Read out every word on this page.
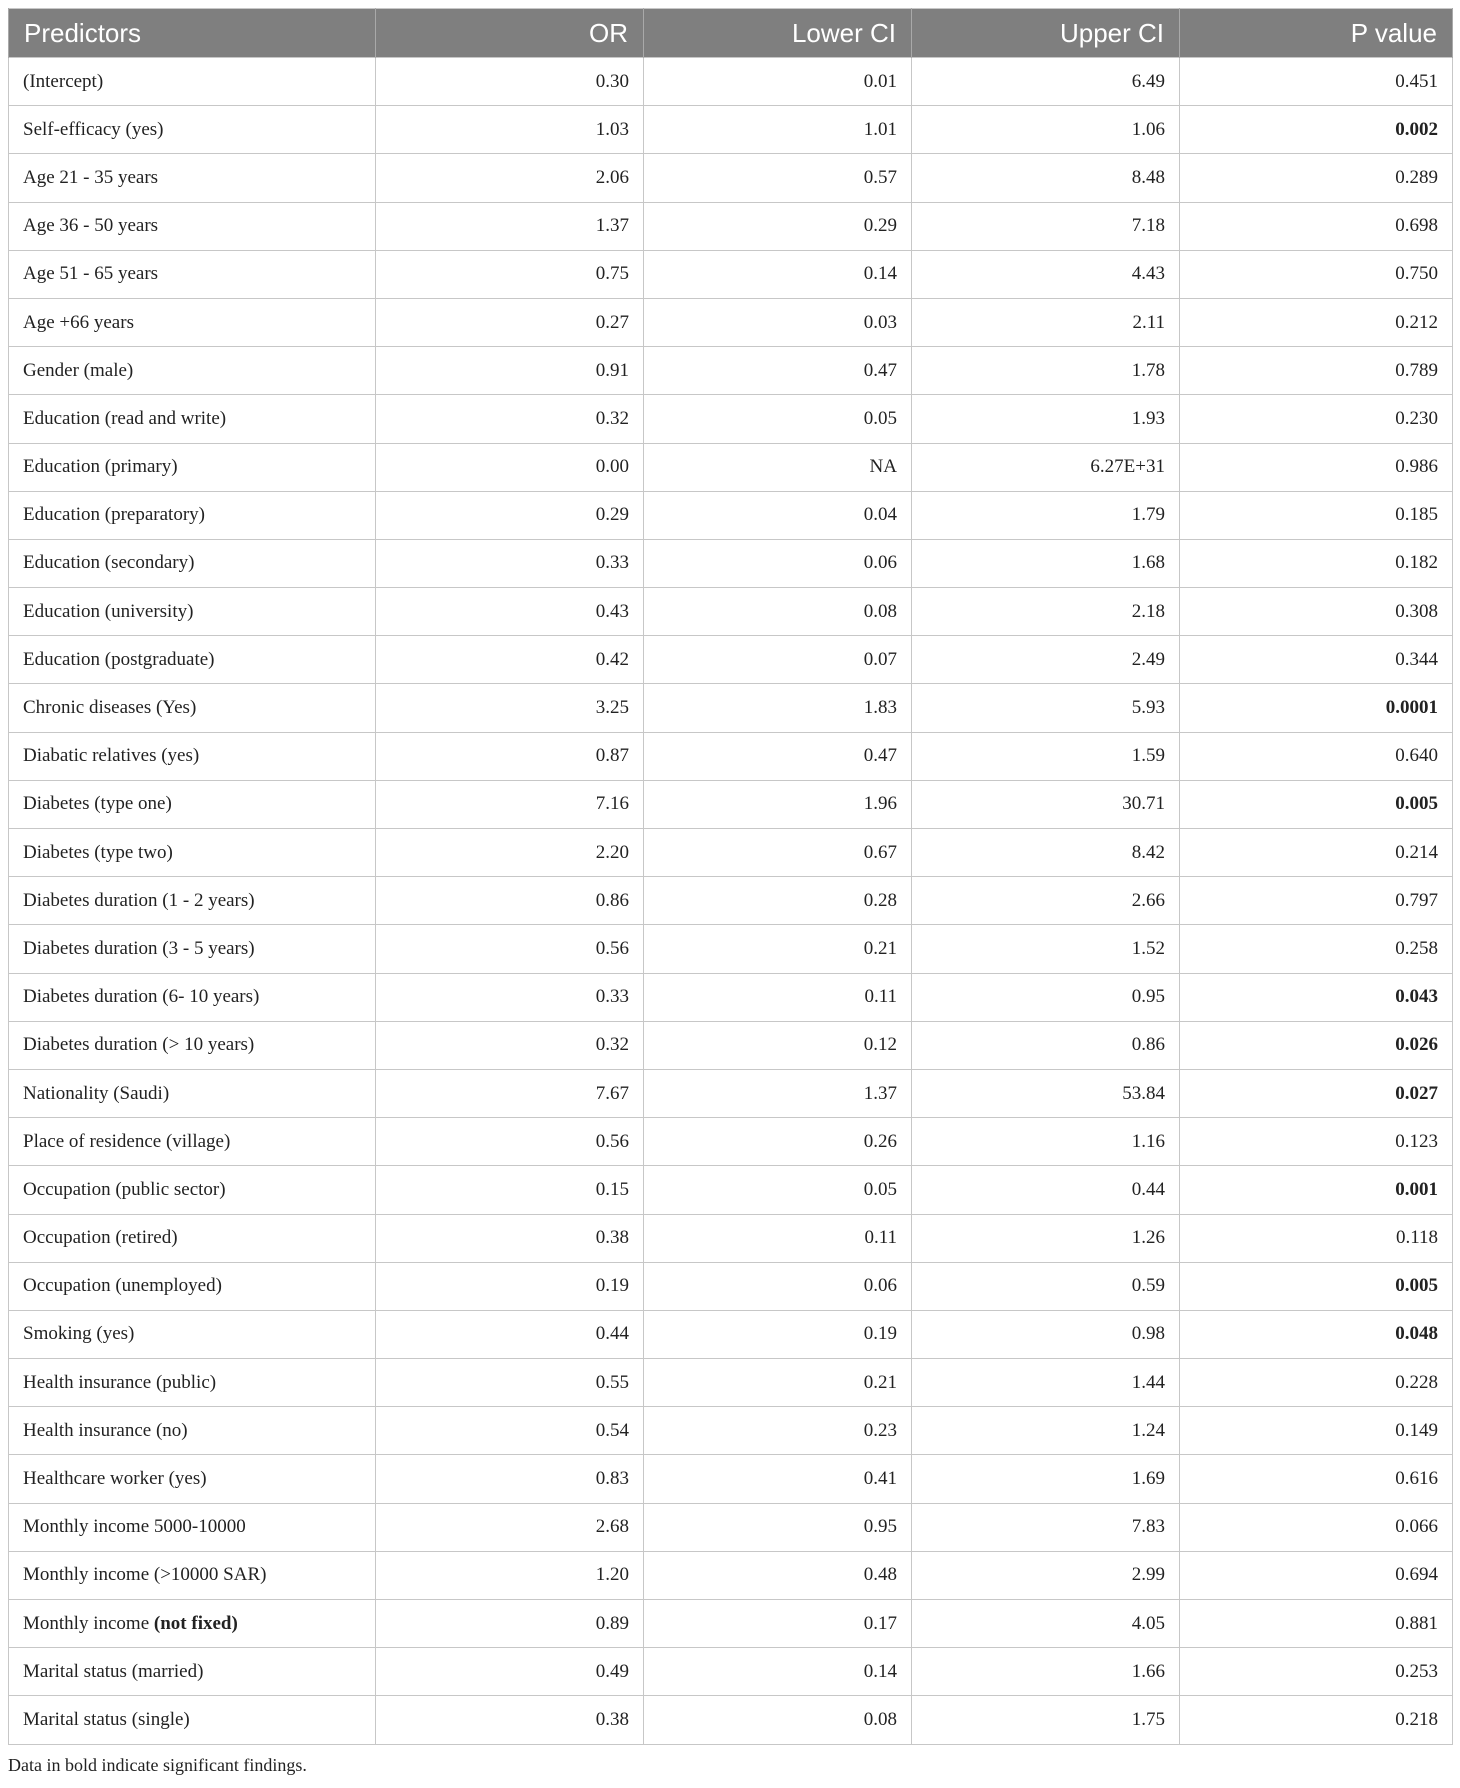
Predictors	OR	Lower CI	Upper CI	P value
(Intercept)	0.30	0.01	6.49	0.451
Self-efficacy (yes)	1.03	1.01	1.06	0.002
Age 21 - 35 years	2.06	0.57	8.48	0.289
Age 36 - 50 years	1.37	0.29	7.18	0.698
Age 51 - 65 years	0.75	0.14	4.43	0.750
Age +66 years	0.27	0.03	2.11	0.212
Gender (male)	0.91	0.47	1.78	0.789
Education (read and write)	0.32	0.05	1.93	0.230
Education (primary)	0.00	NA	6.27E+31	0.986
Education (preparatory)	0.29	0.04	1.79	0.185
Education (secondary)	0.33	0.06	1.68	0.182
Education (university)	0.43	0.08	2.18	0.308
Education (postgraduate)	0.42	0.07	2.49	0.344
Chronic diseases (Yes)	3.25	1.83	5.93	0.0001
Diabatic relatives (yes)	0.87	0.47	1.59	0.640
Diabetes (type one)	7.16	1.96	30.71	0.005
Diabetes (type two)	2.20	0.67	8.42	0.214
Diabetes duration (1 - 2 years)	0.86	0.28	2.66	0.797
Diabetes duration (3 - 5 years)	0.56	0.21	1.52	0.258
Diabetes duration (6- 10 years)	0.33	0.11	0.95	0.043
Diabetes duration (> 10 years)	0.32	0.12	0.86	0.026
Nationality (Saudi)	7.67	1.37	53.84	0.027
Place of residence (village)	0.56	0.26	1.16	0.123
Occupation (public sector)	0.15	0.05	0.44	0.001
Occupation (retired)	0.38	0.11	1.26	0.118
Occupation (unemployed)	0.19	0.06	0.59	0.005
Smoking (yes)	0.44	0.19	0.98	0.048
Health insurance (public)	0.55	0.21	1.44	0.228
Health insurance (no)	0.54	0.23	1.24	0.149
Healthcare worker (yes)	0.83	0.41	1.69	0.616
Monthly income 5000-10000	2.68	0.95	7.83	0.066
Monthly income (>10000 SAR)	1.20	0.48	2.99	0.694
Monthly income (not fixed)	0.89	0.17	4.05	0.881
Marital status (married)	0.49	0.14	1.66	0.253
Marital status (single)	0.38	0.08	1.75	0.218
Data in bold indicate significant findings.
